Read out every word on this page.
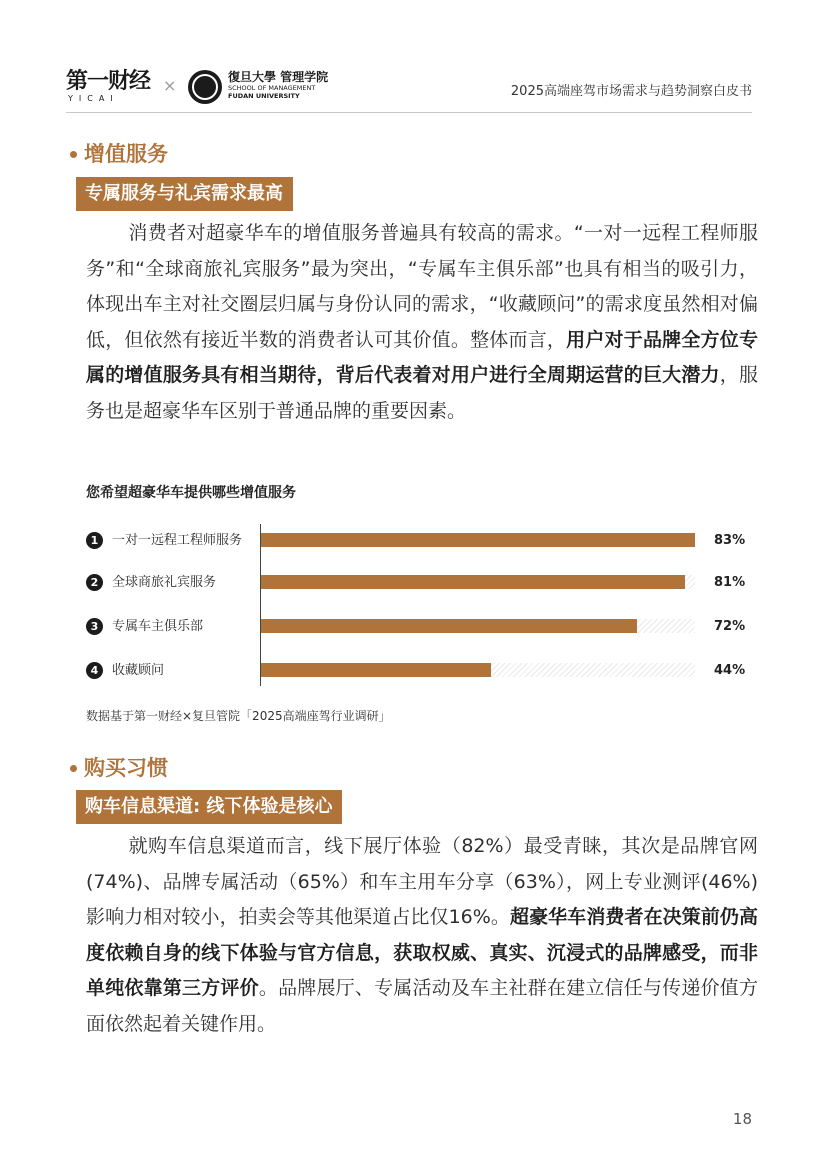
第一财经
YICAI
×	復旦大學 管理学院
SCHOOL OF MANAGEMENT
FUDAN UNIVERSITY	2025高端座驾市场需求与趋势洞察白皮书
增值服务
专属服务与礼宾需求最高

消费者对超豪华车的增值服务普遍具有较高的需求。“一对一远程工程师服务”和“全球商旅礼宾服务”最为突出，“专属车主俱乐部”也具有相当的吸引力，体现出车主对社交圈层归属与身份认同的需求，“收藏顾问”的需求度虽然相对偏低，但依然有接近半数的消费者认可其价值。整体而言，用户对于品牌全方位专属的增值服务具有相当期待，背后代表着对用户进行全周期运营的巨大潜力，服务也是超豪华车区别于普通品牌的重要因素。

您希望超豪华车提供哪些增值服务
1	一对一远程工程师服务	83%
2	全球商旅礼宾服务	81%
3	专属车主俱乐部	72%
4	收藏顾问	44%
数据基于第一财经×复旦管院「2025高端座驾行业调研」
购买习惯
购车信息渠道: 线下体验是核心

就购车信息渠道而言，线下展厅体验（82%）最受青睐，其次是品牌官网(74%)、品牌专属活动（65%）和车主用车分享（63%），网上专业测评(46%)影响力相对较小，拍卖会等其他渠道占比仅16%。超豪华车消费者在决策前仍高度依赖自身的线下体验与官方信息，获取权威、真实、沉浸式的品牌感受，而非单纯依靠第三方评价。品牌展厅、专属活动及车主社群在建立信任与传递价值方面依然起着关键作用。

18
